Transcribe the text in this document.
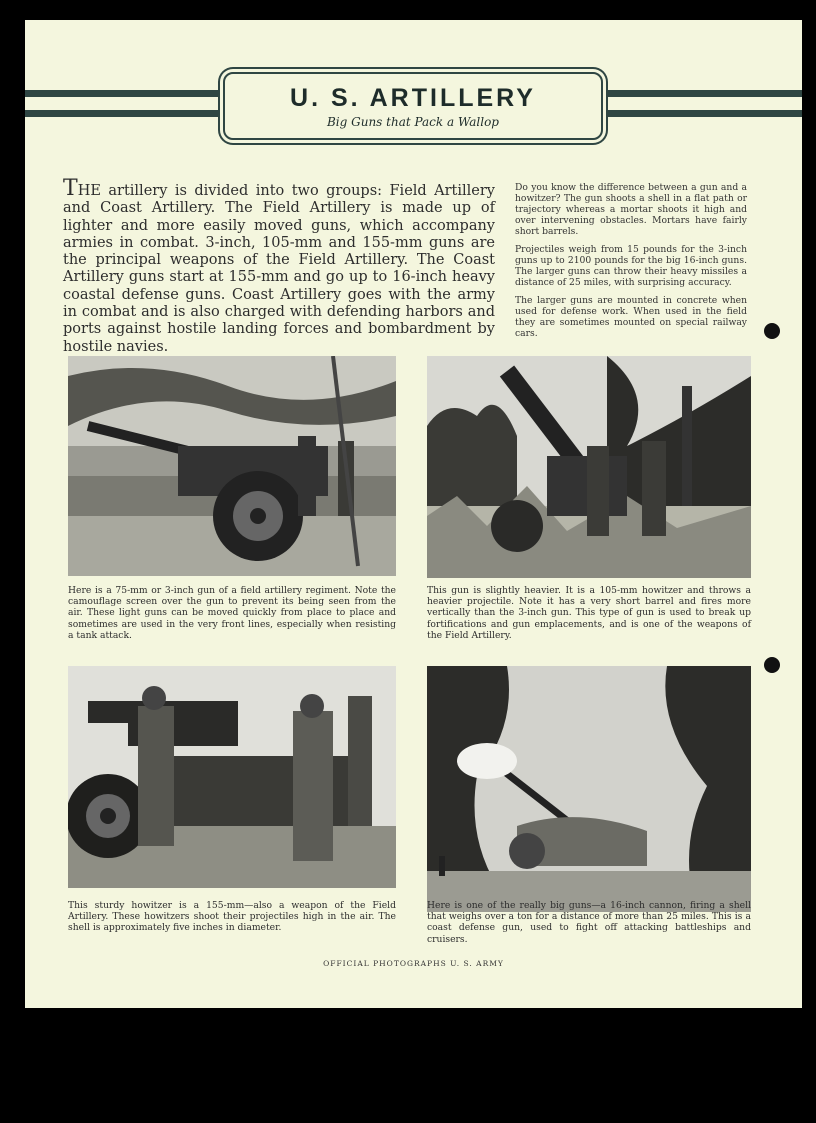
U. S. ARTILLERY
Big Guns that Pack a Wallop

THE artillery is divided into two groups: Field Artillery and Coast Artillery. The Field Artillery is made up of lighter and more easily moved guns, which accompany armies in combat. 3-inch, 105-mm and 155-mm guns are the principal weapons of the Field Artillery. The Coast Artillery guns start at 155-mm and go up to 16-inch heavy coastal defense guns. Coast Artillery goes with the army in combat and is also charged with defending harbors and ports against hostile landing forces and bombardment by hostile navies.

Do you know the difference between a gun and a howitzer? The gun shoots a shell in a flat path or trajectory whereas a mortar shoots it high and over intervening obstacles. Mortars have fairly short barrels.

Projectiles weigh from 15 pounds for the 3-inch guns up to 2100 pounds for the big 16-inch guns. The larger guns can throw their heavy missiles a distance of 25 miles, with surprising accuracy.

The larger guns are mounted in concrete when used for defense work. When used in the field they are sometimes mounted on special railway cars.

Here is a 75-mm or 3-inch gun of a field artillery regiment. Note the camouflage screen over the gun to prevent its being seen from the air. These light guns can be moved quickly from place to place and sometimes are used in the very front lines, especially when resisting a tank attack.

This gun is slightly heavier. It is a 105-mm howitzer and throws a heavier projectile. Note it has a very short barrel and fires more vertically than the 3-inch gun. This type of gun is used to break up fortifications and gun emplacements, and is one of the weapons of the Field Artillery.

This sturdy howitzer is a 155-mm—also a weapon of the Field Artillery. These howitzers shoot their projectiles high in the air. The shell is approximately five inches in diameter.

Here is one of the really big guns—a 16-inch cannon, firing a shell that weighs over a ton for a distance of more than 25 miles. This is a coast defense gun, used to fight off attacking battleships and cruisers.

OFFICIAL PHOTOGRAPHS U. S. ARMY
